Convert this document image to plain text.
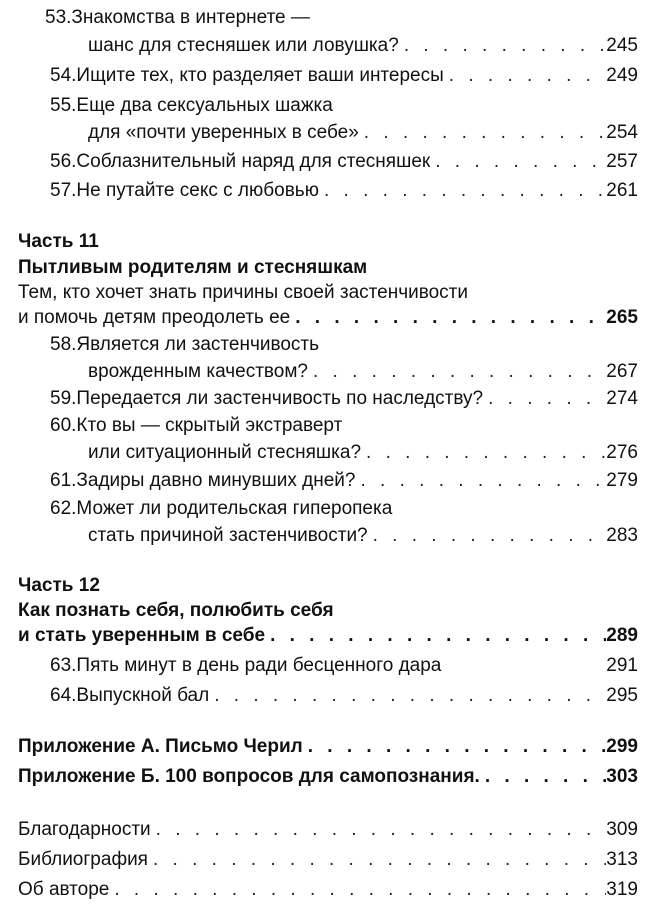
53.Знакомства в интернете —
шанс для стесняшек или ловушка? . . .	245
54. Ищите тех, кто разделяет ваши интересы . . .	249
55.Еще два сексуальных шажка
для «почти уверенных в себе» . . .	254
56. Соблазнительный наряд для стесняшек . . .	257
57. Не путайте секс с любовью . . .	261
Часть 11
Пытливым родителям и стесняшкам
Тем, кто хочет знать причины своей застенчивости
и помочь детям преодолеть ее . . .	265
58.Является ли застенчивость
врожденным качеством? . . .	267
59. Передается ли застенчивость по наследству? . . .	274
60.Кто вы — скрытый экстраверт
или ситуационный стесняшка? . . .	276
61. Задиры давно минувших дней? . . .	279
62.Может ли родительская гиперопека
стать причиной застенчивости? . . .	283
Часть 12
Как познать себя, полюбить себя
и стать уверенным в себе . . .	289
63. Пять минут в день ради бесценного дара	291
64. Выпускной бал . . .	295
Приложение А. Письмо Черил . . .	299
Приложение Б. 100 вопросов для самопознания. . . .	303
Благодарности . . .	309
Библиография . . .	313
Об авторе . . .	319
